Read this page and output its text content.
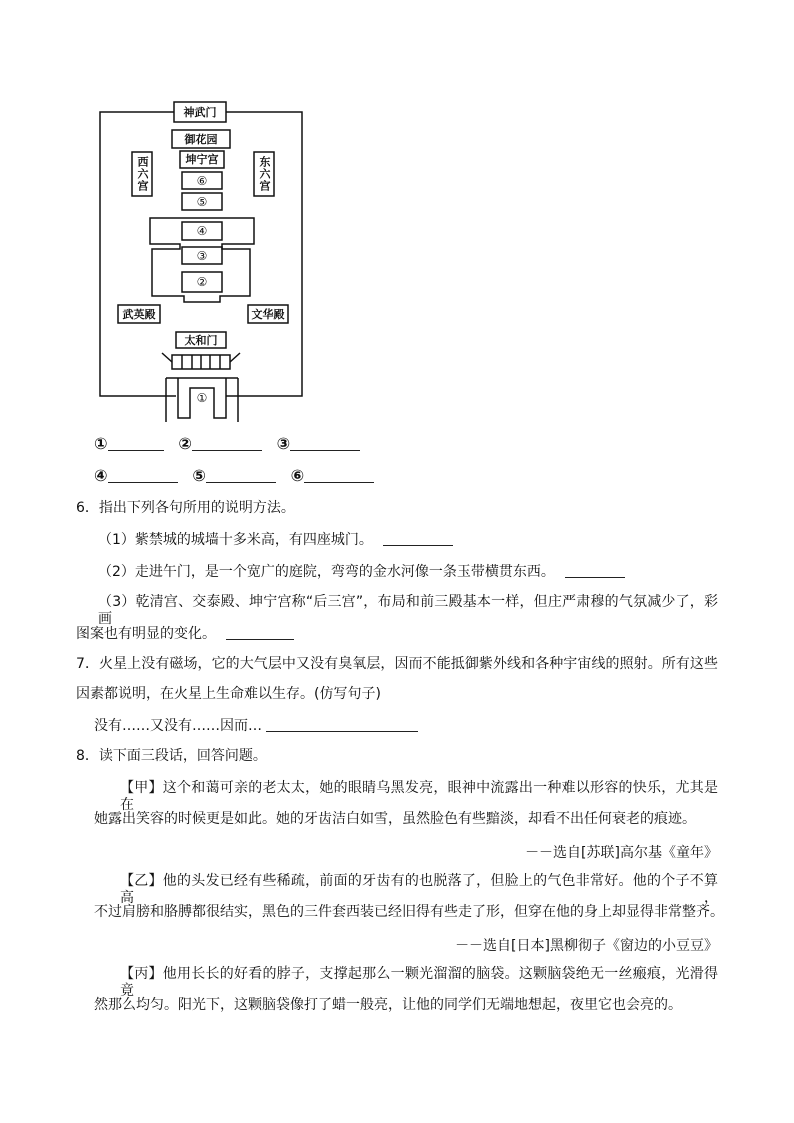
神武门
御花园
坤宁宫
西六宫	东六宫
武英殿	文华殿
太和门
⑥
⑤
④
③
②
①
①	②	③
④	⑤	⑥
6．指出下列各句所用的说明方法。
（1）紫禁城的城墙十多米高，有四座城门。
（2）走进午门，是一个宽广的庭院，弯弯的金水河像一条玉带横贯东西。
（3）乾清宫、交泰殿、坤宁宫称“后三宫”，布局和前三殿基本一样，但庄严肃穆的气氛减少了，彩画
图案也有明显的变化。
7．火星上没有磁场，它的大气层中又没有臭氧层，因而不能抵御紫外线和各种宇宙线的照射。所有这些
因素都说明，在火星上生命难以生存。(仿写句子)
没有……又没有……因而…
8．读下面三段话，回答问题。
【甲】这个和蔼可亲的老太太，她的眼睛乌黑发亮，眼神中流露出一种难以形容的快乐，尤其是在
她露出笑容的时候更是如此。她的牙齿洁白如雪，虽然脸色有些黯淡，却看不出任何衰老的痕迹。
－－选自[苏联]高尔基《童年》
【乙】他的头发已经有些稀疏，前面的牙齿有的也脱落了，但脸上的气色非常好。他的个子不算高，
不过肩膀和胳膊都很结实，黑色的三件套西装已经旧得有些走了形，但穿在他的身上却显得非常整齐。
－－选自[日本]黑柳彻子《窗边的小豆豆》
【丙】他用长长的好看的脖子，支撑起那么一颗光溜溜的脑袋。这颗脑袋绝无一丝瘢痕，光滑得竟
然那么均匀。阳光下，这颗脑袋像打了蜡一般亮，让他的同学们无端地想起，夜里它也会亮的。
